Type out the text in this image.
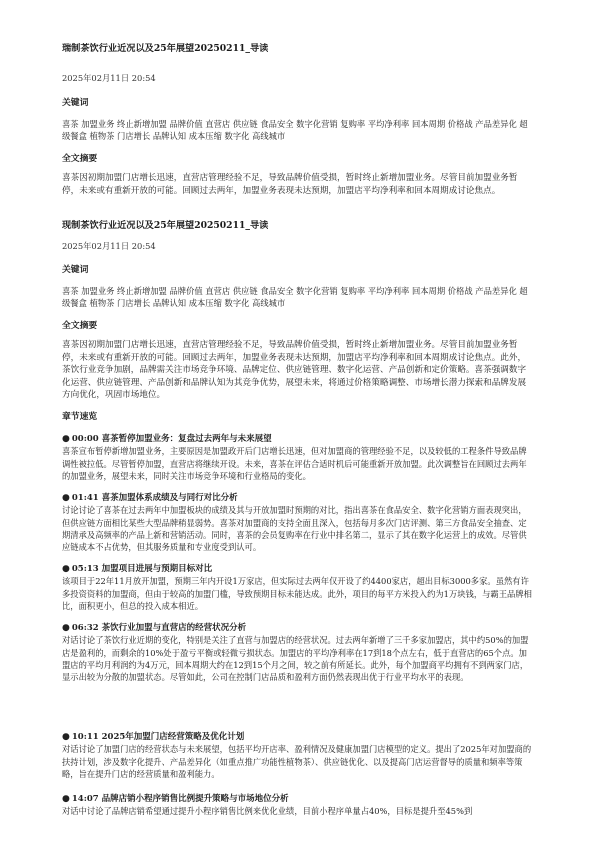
瑞制茶饮行业近况以及25年展望20250211_导读
2025年02月11日 20:54
关键词
喜茶 加盟业务 终止新增加盟 品牌价值 直营店 供应链 食品安全 数字化营销 复购率 平均净利率 回本周期 价格战 产品差异化 超级餐盒 植物茶 门店增长 品牌认知 成本压缩 数字化 高线城市
全文摘要
喜茶因初期加盟门店增长迅速，直营店管理经验不足，导致品牌价值受损，暂时终止新增加盟业务。尽管目前加盟业务暂停，未来或有重新开放的可能。回顾过去两年，加盟业务表现未达预期，加盟店平均净利率和回本周期成讨论焦点。
现制茶饮行业近况以及25年展望20250211_导读
2025年02月11日 20:54
关键词
喜茶 加盟业务 终止新增加盟 品牌价值 直营店 供应链 食品安全 数字化营销 复购率 平均净利率 回本周期 价格战 产品差异化 超级餐盒 植物茶 门店增长 品牌认知 成本压缩 数字化 高线城市
全文摘要
喜茶因初期加盟门店增长迅速，直营店管理经验不足，导致品牌价值受损，暂时终止新增加盟业务。尽管目前加盟业务暂停，未来或有重新开放的可能。回顾过去两年，加盟业务表现未达预期，加盟店平均净利率和回本周期成讨论焦点。此外，茶饮行业竞争加剧，品牌需关注市场竞争环境、品牌定位、供应链管理、数字化运营、产品创新和定价策略。喜茶强调数字化运营、供应链管理、产品创新和品牌认知为其竞争优势，展望未来，将通过价格策略调整、市场增长潜力探索和品牌发展方向优化，巩固市场地位。
章节速览
● 00:00 喜茶暂停加盟业务：复盘过去两年与未来展望
喜茶宣布暂停新增加盟业务，主要原因是加盟政开后门店增长迅速，但对加盟商的管理经验不足，以及较低的工程条件导致品牌调性被拉低。尽管暂停加盟，直营店将继续开设。未来，喜茶在评估合适时机后可能重新开放加盟。此次调整旨在回顾过去两年的加盟业务，展望未来，同时关注市场竞争环境和行业格局的变化。
● 01:41 喜茶加盟体系成绩及与同行对比分析
讨论讨论了喜茶在过去两年中加盟板块的成绩及其与开放加盟时预期的对比，指出喜茶在食品安全、数字化营销方面表现突出，但供应链方面相比某些大型品牌稍显弱势。喜茶对加盟商的支持全面且深入，包括每月多次门店评测、第三方食品安全抽查、定期清承及高频率的产品上新和营销活动。同时，喜茶的会员复购率在行业中排名第二，显示了其在数字化运营上的成效。尽管供应链成本不占优势，但其服务质量和专业度受到认可。
● 05:13 加盟项目进展与预期目标对比
该项目于22年11月放开加盟，预期三年内开设1万家店，但实际过去两年仅开设了约4400家店，超出目标3000多家。虽然有许多投资资料的加盟商，但由于较高的加盟门槛，导致预期目标未能达成。此外，项目的每平方米投入约为1万块钱，与霸王品牌相比，面积更小，但总的投入成本相近。
● 06:32 茶饮行业加盟与直营店的经营状况分析
对话讨论了茶饮行业近期的变化，特别是关注了直营与加盟店的经营状况。过去两年新增了三千多家加盟店，其中约50%的加盟店是盈利的，而剩余的10%处于盈亏平衡或轻微亏损状态。加盟店的平均净利率在17到18个点左右，低于直营店的65个点。加盟店的平均月利润约为4万元，回本周期大约在12到15个月之间，较之前有所延长。此外，每个加盟商平均拥有不到两家门店，显示出较为分散的加盟状态。尽管如此，公司在控制门店品质和盈利方面仍然表现出优于行业平均水平的表现。
● 10:11 2025年加盟门店经营策略及优化计划
对话讨论了加盟门店的经营状态与未来展望，包括平均开店率、盈利情况及健康加盟门店模型的定义。提出了2025年对加盟商的扶持计划，涉及数字化提升、产品差异化（如重点推广功能性植物茶）、供应链优化、以及提高门店运营督导的质量和频率等策略，旨在提升门店的经营质量和盈利能力。
● 14:07 品牌店销小程序销售比例提升策略与市场地位分析
对话中讨论了品牌店销希望通过提升小程序销售比例来优化业绩，目前小程序单量占40%，目标是提升至45%到
